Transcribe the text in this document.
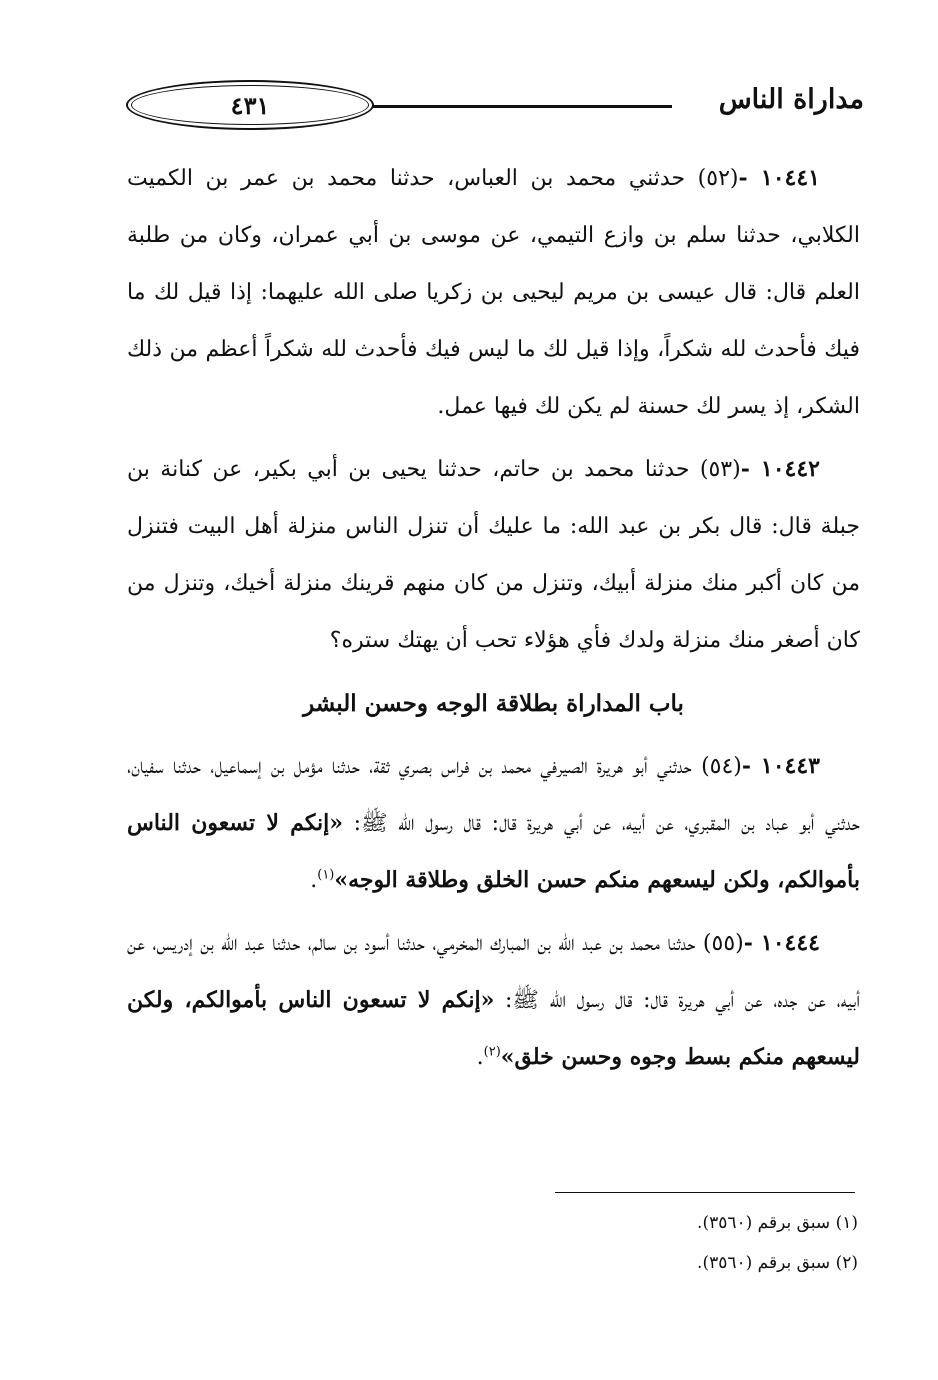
مداراة الناس
٤٣١

١٠٤٤١ -(٥٢) حدثني محمد بن العباس، حدثنا محمد بن عمر بن الكميت الكلابي، حدثنا سلم بن وازع التيمي، عن موسى بن أبي عمران، وكان من طلبة العلم قال: قال عيسى بن مريم ليحيى بن زكريا صلى الله عليهما: إذا قيل لك ما فيك فأحدث لله شكراً، وإذا قيل لك ما ليس فيك فأحدث لله شكراً أعظم من ذلك الشكر، إذ يسر لك حسنة لم يكن لك فيها عمل.

١٠٤٤٢ -(٥٣) حدثنا محمد بن حاتم، حدثنا يحيى بن أبي بكير، عن كنانة بن جبلة قال: قال بكر بن عبد الله: ما عليك أن تنزل الناس منزلة أهل البيت فتنزل من كان أكبر منك منزلة أبيك، وتنزل من كان منهم قرينك منزلة أخيك، وتنزل من كان أصغر منك منزلة ولدك فأي هؤلاء تحب أن يهتك ستره؟

باب المداراة بطلاقة الوجه وحسن البشر

١٠٤٤٣ -(٥٤) حدثني أبو هريرة الصيرفي محمد بن فراس بصري ثقة، حدثنا مؤمل بن إسماعيل، حدثنا سفيان، حدثني أبو عباد بن المقبري، عن أبيه، عن أبي هريرة قال: قال رسول الله ﷺ: «إنكم لا تسعون الناس بأموالكم، ولكن ليسعهم منكم حسن الخلق وطلاقة الوجه»$^{(١)}$.

١٠٤٤٤ -(٥٥) حدثنا محمد بن عبد الله بن المبارك المخرمي، حدثنا أسود بن سالم، حدثنا عبد الله بن إدريس، عن أبيه، عن جده، عن أبي هريرة قال: قال رسول الله ﷺ: «إنكم لا تسعون الناس بأموالكم، ولكن ليسعهم منكم بسط وجوه وحسن خلق»$^{(٢)}$.

(١) سبق برقم (٣٥٦٠).
(٢) سبق برقم (٣٥٦٠).
